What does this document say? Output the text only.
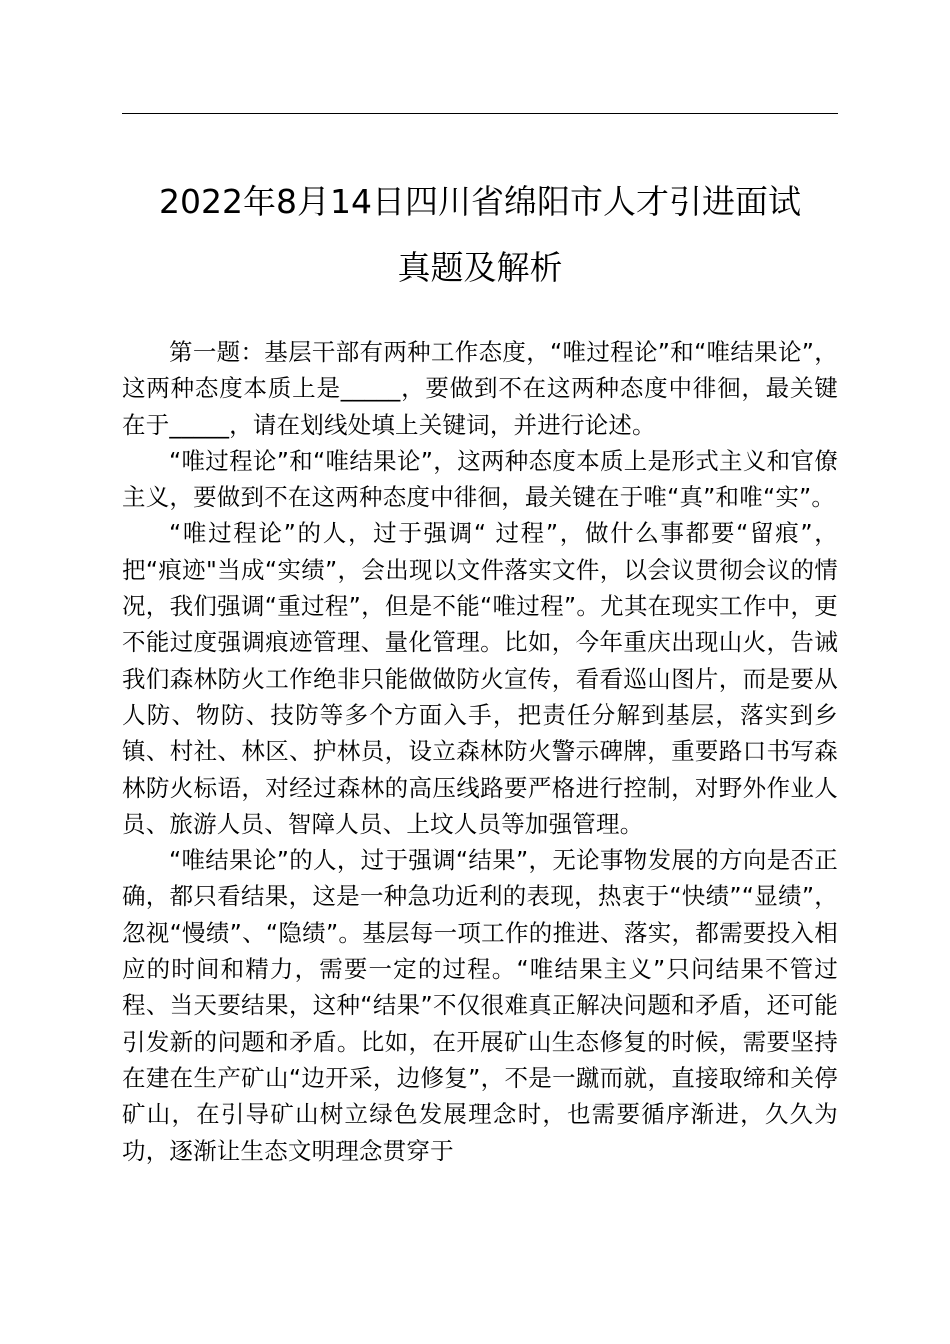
2022年8月14日四川省绵阳市人才引进面试
真题及解析

第一题：基层干部有两种工作态度，“唯过程论”和“唯结果论”，这两种态度本质上是_____，要做到不在这两种态度中徘徊，最关键在于_____，请在划线处填上关键词，并进行论述。

“唯过程论”和“唯结果论”，这两种态度本质上是形式主义和官僚主义，要做到不在这两种态度中徘徊，最关键在于唯“真”和唯“实”。

“唯过程论”的人，过于强调“ 过程”，做什么事都要“留痕”，把“痕迹"当成“实绩”，会出现以文件落实文件，以会议贯彻会议的情况，我们强调“重过程”，但是不能“唯过程”。尤其在现实工作中，更不能过度强调痕迹管理、量化管理。比如，今年重庆出现山火，告诫我们森林防火工作绝非只能做做防火宣传，看看巡山图片，而是要从人防、物防、技防等多个方面入手，把责任分解到基层，落实到乡镇、村社、林区、护林员，设立森林防火警示碑牌，重要路口书写森林防火标语，对经过森林的高压线路要严格进行控制，对野外作业人员、旅游人员、智障人员、上坟人员等加强管理。

“唯结果论”的人，过于强调“结果”，无论事物发展的方向是否正确，都只看结果，这是一种急功近利的表现，热衷于“快绩”“显绩”，忽视“慢绩”、“隐绩”。基层每一项工作的推进、落实，都需要投入相应的时间和精力，需要一定的过程。“唯结果主义”只问结果不管过程、当天要结果，这种“结果”不仅很难真正解决问题和矛盾，还可能引发新的问题和矛盾。比如，在开展矿山生态修复的时候，需要坚持在建在生产矿山“边开采，边修复”，不是一蹴而就，直接取缔和关停矿山，在引导矿山树立绿色发展理念时，也需要循序渐进，久久为功，逐渐让生态文明理念贯穿于
